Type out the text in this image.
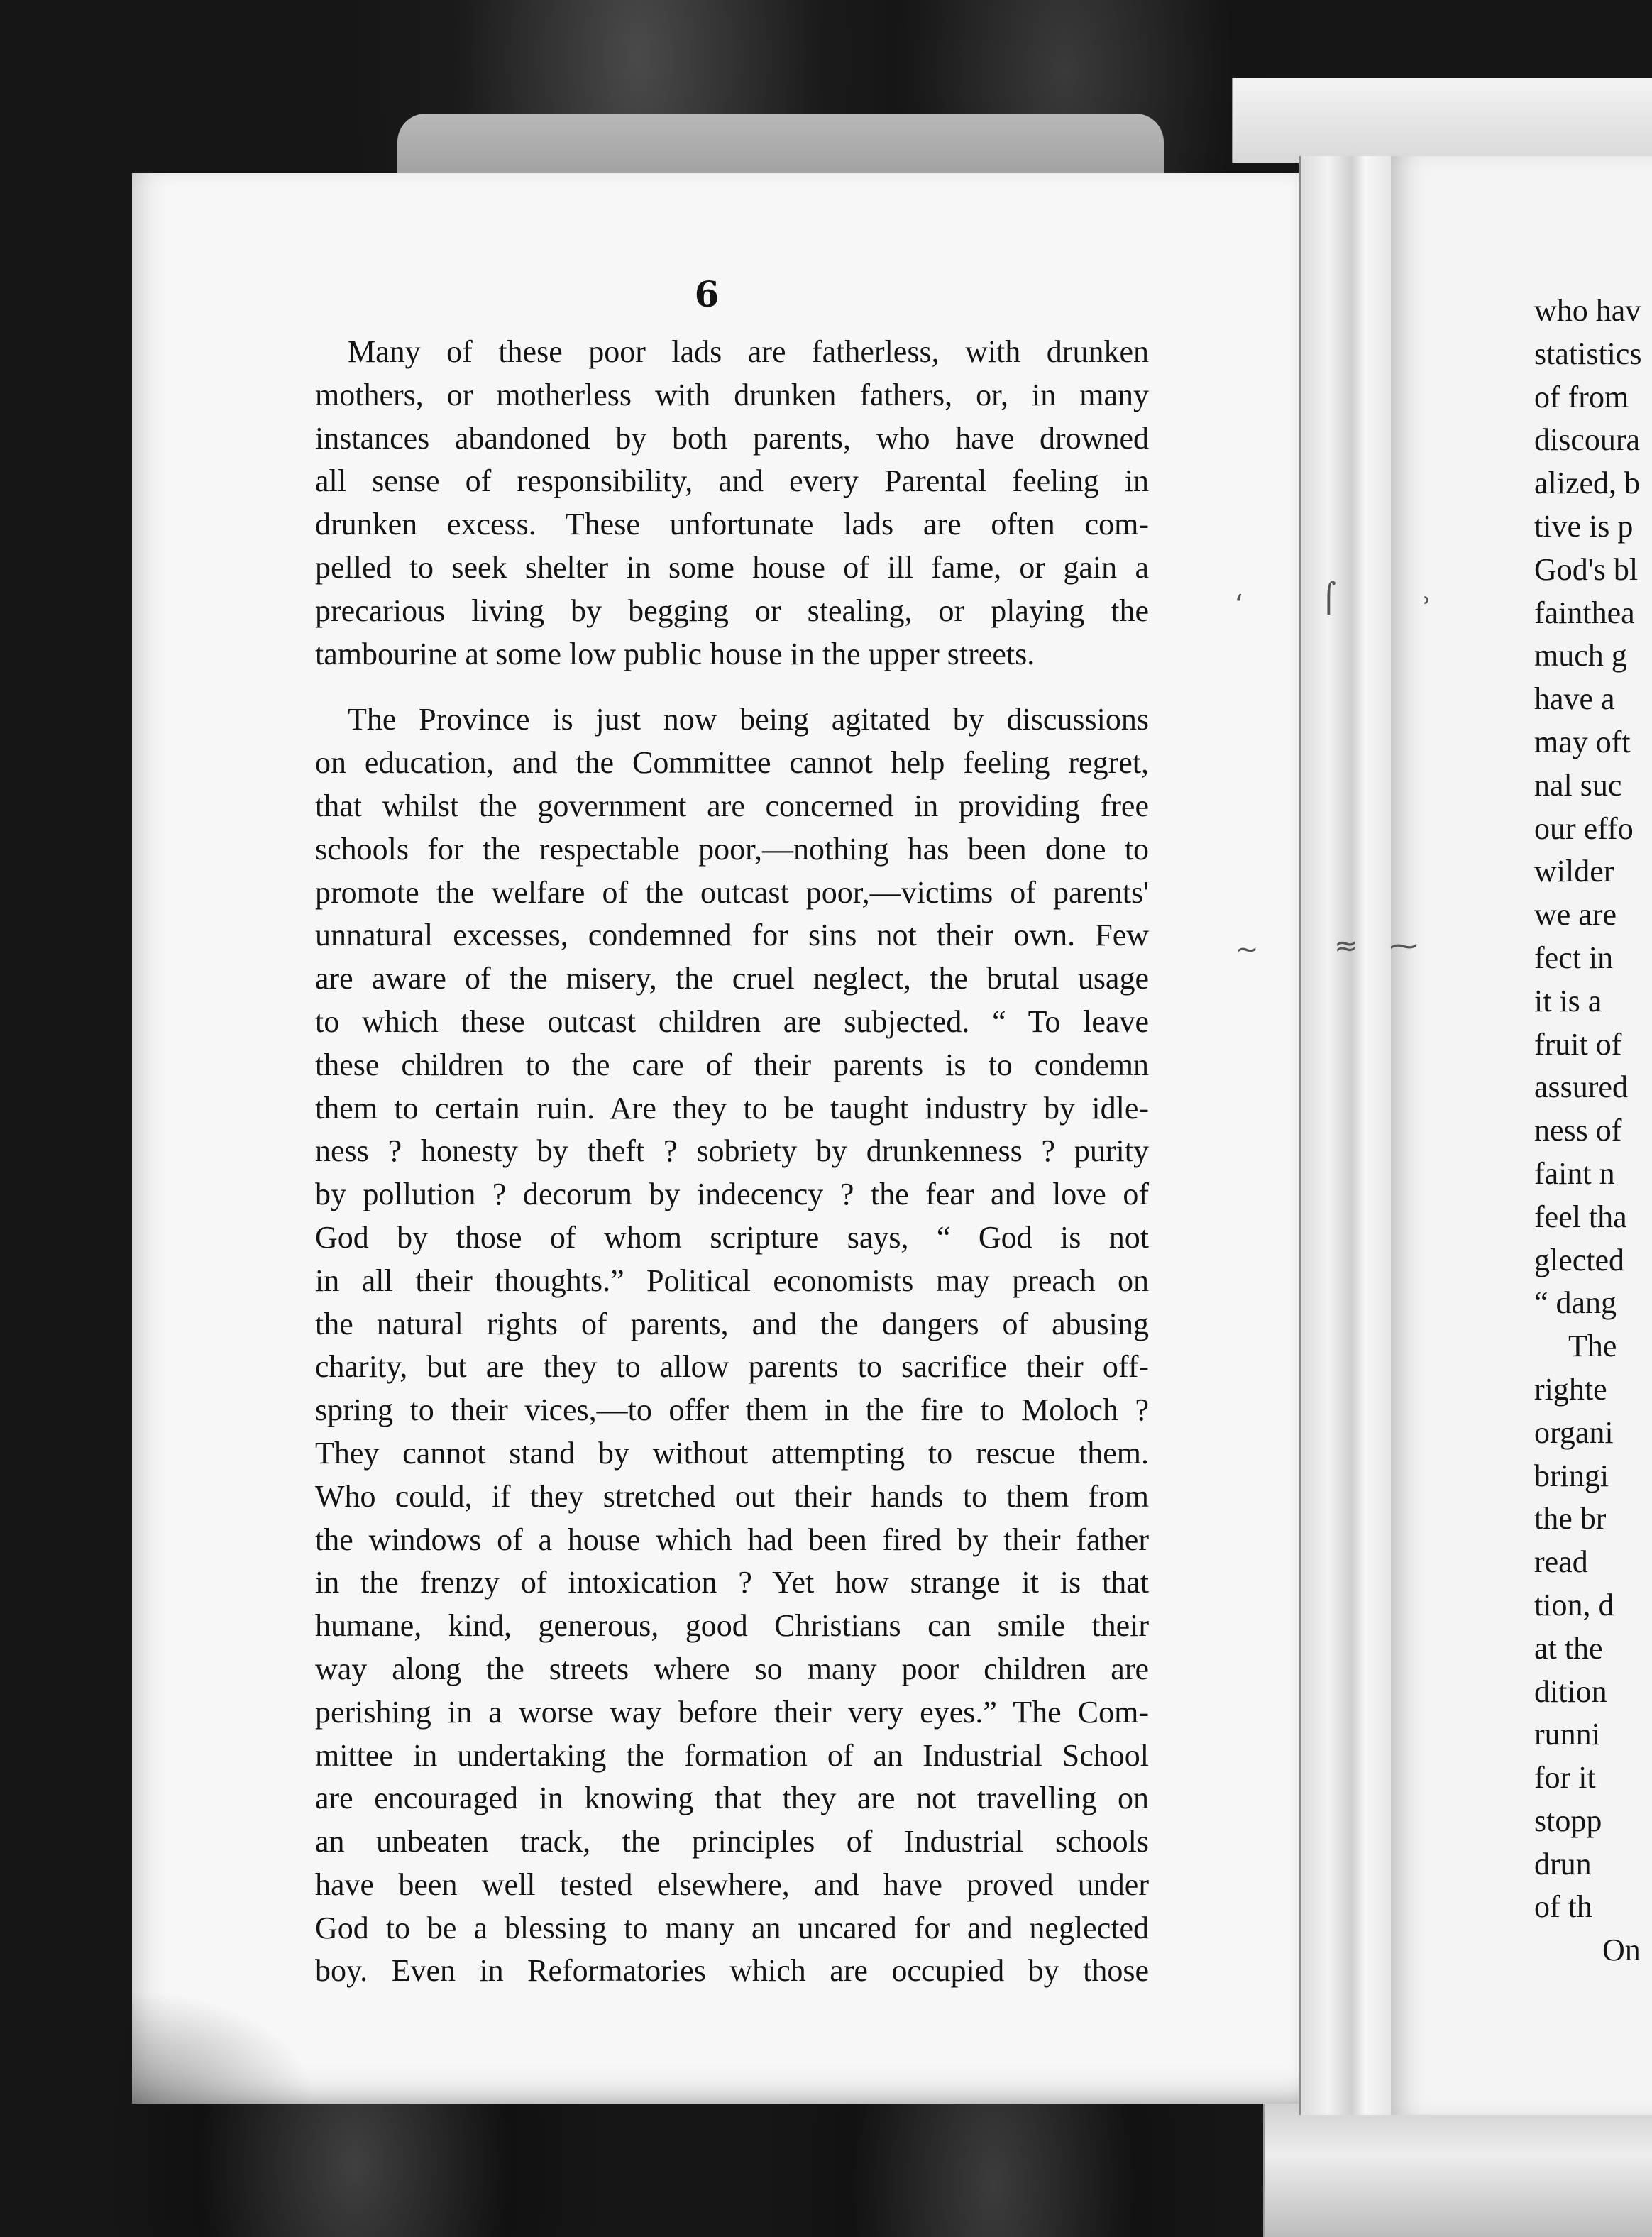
6
Many of these poor lads are fatherless, with drunken
mothers, or motherless with drunken fathers, or, in many
instances abandoned by both parents, who have drowned
all sense of responsibility, and every Parental feeling in
drunken excess. These unfortunate lads are often com-
pelled to seek shelter in some house of ill fame, or gain a
precarious living by begging or stealing, or playing the
tambourine at some low public house in the upper streets.
The Province is just now being agitated by discussions
on education, and the Committee cannot help feeling regret,
that whilst the government are concerned in providing free
schools for the respectable poor,—nothing has been done to
promote the welfare of the outcast poor,—victims of parents'
unnatural excesses, condemned for sins not their own. Few
are aware of the misery, the cruel neglect, the brutal usage
to which these outcast children are subjected. “ To leave
these children to the care of their parents is to condemn
them to certain ruin. Are they to be taught industry by idle-
ness ? honesty by theft ? sobriety by drunkenness ? purity
by pollution ? decorum by indecency ? the fear and love of
God by those of whom scripture says, “ God is not
in all their thoughts.” Political economists may preach on
the natural rights of parents, and the dangers of abusing
charity, but are they to allow parents to sacrifice their off-
spring to their vices,—to offer them in the fire to Moloch ?
They cannot stand by without attempting to rescue them.
Who could, if they stretched out their hands to them from
the windows of a house which had been fired by their father
in the frenzy of intoxication ? Yet how strange it is that
humane, kind, generous, good Christians can smile their
way along the streets where so many poor children are
perishing in a worse way before their very eyes.” The Com-
mittee in undertaking the formation of an Industrial School
are encouraged in knowing that they are not travelling on
an unbeaten track, the principles of Industrial schools
have been well tested elsewhere, and have proved under
God to be a blessing to many an uncared for and neglected
boy. Even in Reformatories which are occupied by those
who hav
statistics
of from
discoura
alized, b
tive is p
God's bl
faintheа
much g
have a
may oft
nal suc
our effo
wilder
we are
fect in
it is a
fruit of
assured
ness of
faint n
feel tha
glected
“ dang
The
righte
organi
bringi
the br
read
tion, d
at the
dition
runni
for it
stopp
drun
of th
On
ʻ	⌠	˒
~	≈ ⁓
